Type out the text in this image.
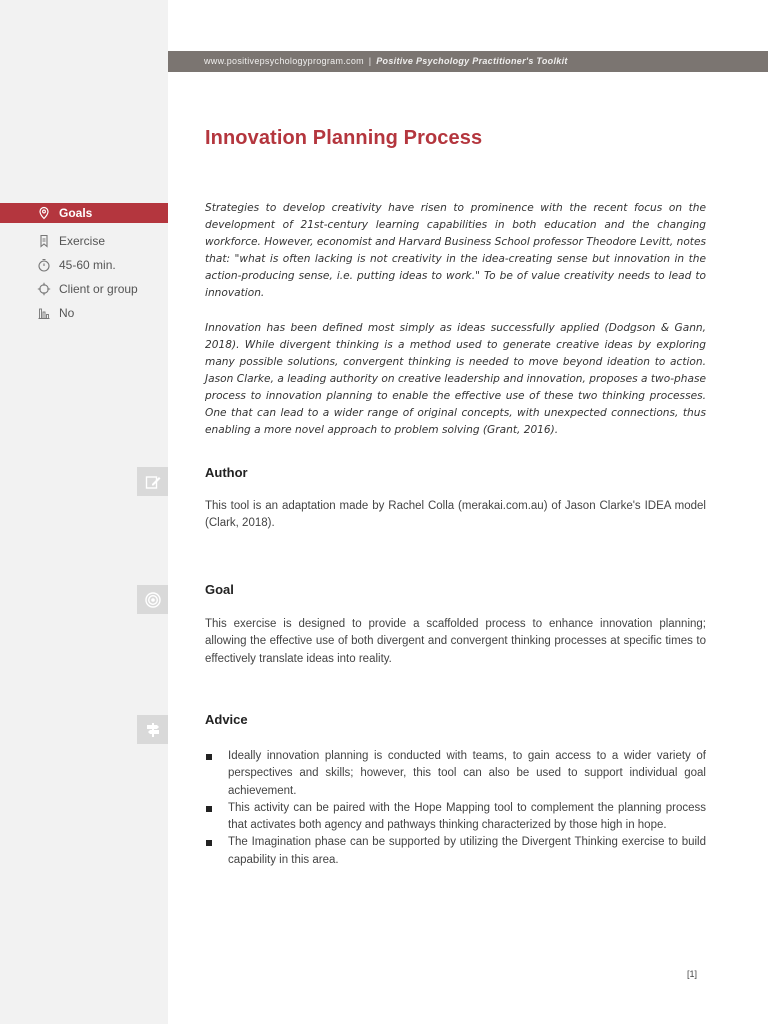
www.positivepsychologyprogram.com | Positive Psychology Practitioner's Toolkit
Innovation Planning Process
Goals
Exercise
45-60 min.
Client or group
No

Strategies to develop creativity have risen to prominence with the recent focus on the development of 21st-century learning capabilities in both education and the changing workforce. However, economist and Harvard Business School professor Theodore Levitt, notes that: "what is often lacking is not creativity in the idea-creating sense but innovation in the action-producing sense, i.e. putting ideas to work." To be of value creativity needs to lead to innovation.

Innovation has been defined most simply as ideas successfully applied (Dodgson & Gann, 2018). While divergent thinking is a method used to generate creative ideas by exploring many possible solutions, convergent thinking is needed to move beyond ideation to action. Jason Clarke, a leading authority on creative leadership and innovation, proposes a two-phase process to innovation planning to enable the effective use of these two thinking processes. One that can lead to a wider range of original concepts, with unexpected connections, thus enabling a more novel approach to problem solving (Grant, 2016).

Author

This tool is an adaptation made by Rachel Colla (merakai.com.au) of Jason Clarke's IDEA model (Clark, 2018).

Goal

This exercise is designed to provide a scaffolded process to enhance innovation planning; allowing the effective use of both divergent and convergent thinking processes at specific times to effectively translate ideas into reality.

Advice
Ideally innovation planning is conducted with teams, to gain access to a wider variety of perspectives and skills; however, this tool can also be used to support individual goal achievement.
This activity can be paired with the Hope Mapping tool to complement the planning process that activates both agency and pathways thinking characterized by those high in hope.
The Imagination phase can be supported by utilizing the Divergent Thinking exercise to build capability in this area.
[1]
